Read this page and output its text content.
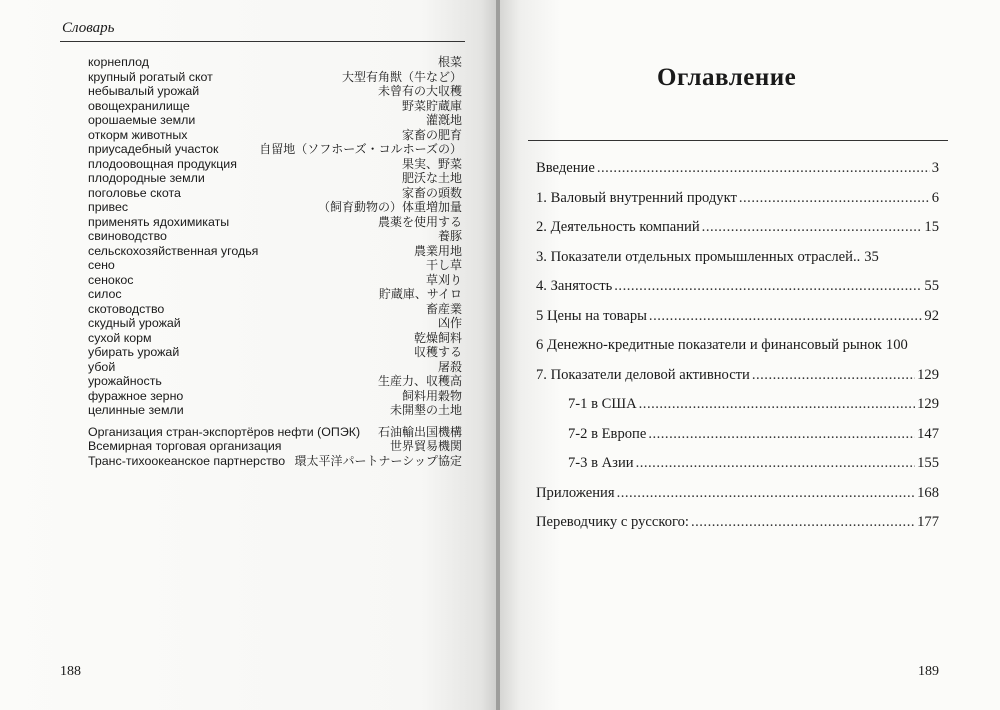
Словарь
корнеплод	根菜
крупный рогатый скот	大型有角獣（牛など）
небывалый урожай	未曾有の大収穫
овощехранилище	野菜貯蔵庫
орошаемые земли	灌漑地
откорм животных	家畜の肥育
приусадебный участок	自留地（ソフホーズ・コルホーズの）
плодоовощная продукция	果実、野菜
плодородные земли	肥沃な土地
поголовье скота	家畜の頭数
привес	（飼育動物の）体重増加量
применять ядохимикаты	農薬を使用する
свиноводство	養豚
сельскохозяйственная угодья	農業用地
сено	干し草
сенокос	草刈り
силос	貯蔵庫、サイロ
скотоводство	畜産業
скудный урожай	凶作
сухой корм	乾燥飼料
убирать урожай	収穫する
убой	屠殺
урожайность	生産力、収穫高
фуражное зерно	飼料用穀物
целинные земли	未開墾の土地
Организация стран-экспортёров нефти (ОПЭК) 石油輸出国機構
Всемирная торговая организация	世界貿易機関
Транс-тихоокеанское партнерство 環太平洋パートナーシップ協定
188
Оглавление
Введение .....	3
1. Валовый внутренний продукт .....	6
2. Деятельность компаний .....	15
3. Показатели отдельных промышленных отраслей.. 35
4. Занятость .....	55
5 Цены на товары .....	92
6 Денежно-кредитные показатели и финансовый рынок 100
7. Показатели деловой активности .....	129
7-1 в США .....	129
7-2 в Европе .....	147
7-3 в Азии .....	155
Приложения .....	168
Переводчику с русского: .....	177
189
